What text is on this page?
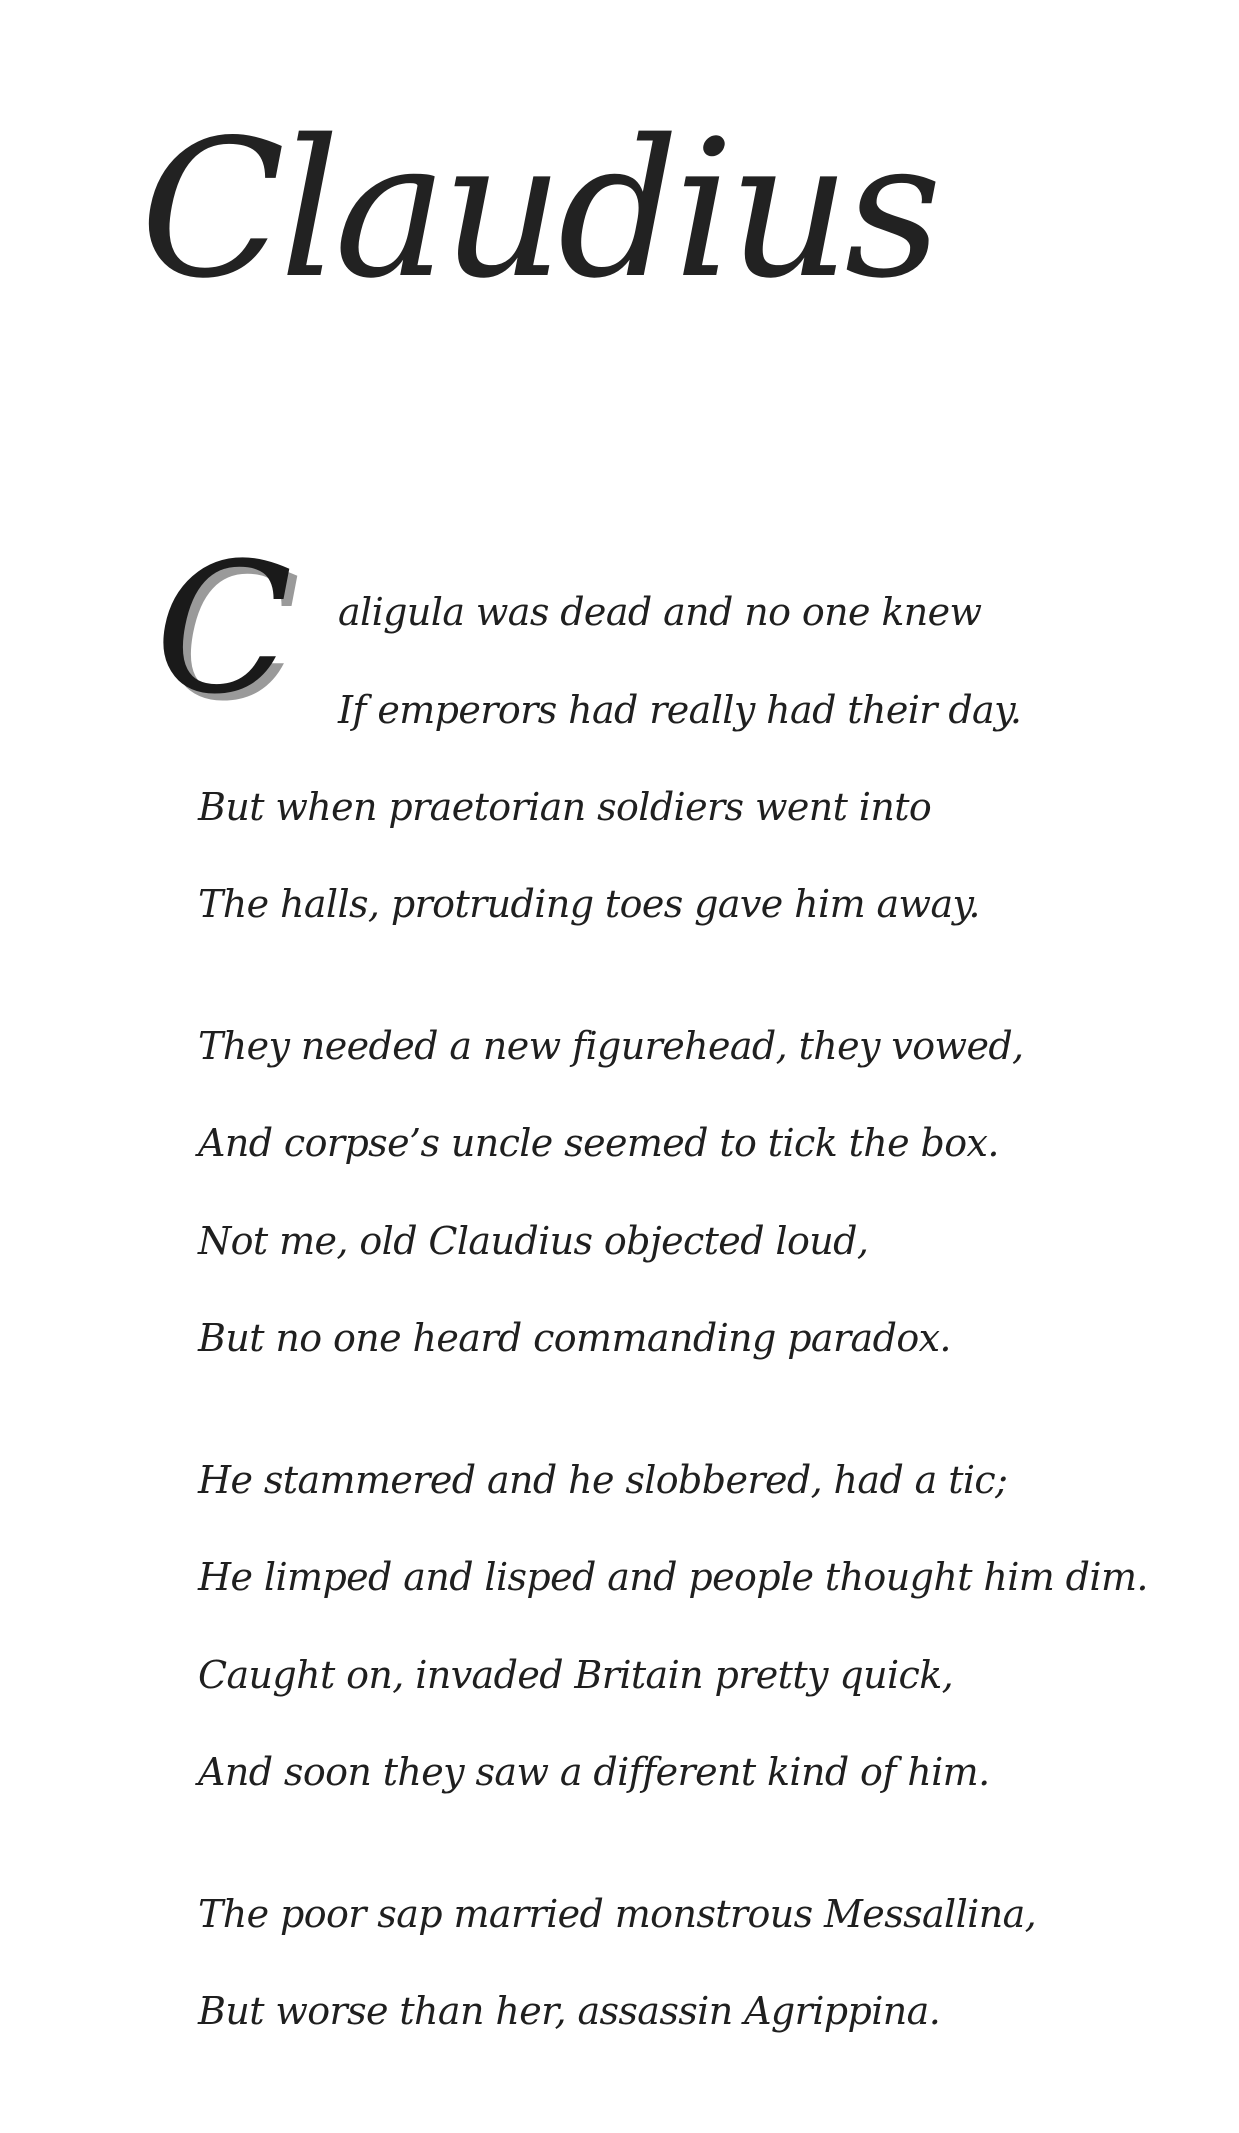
Claudius
C	aligula was dead and no one knew

If emperors had really had their day.

But when praetorian soldiers went into

The halls, protruding toes gave him away.

They needed a new figurehead, they vowed,

And corpse’s uncle seemed to tick the box.

Not me, old Claudius objected loud,

But no one heard commanding paradox.

He stammered and he slobbered, had a tic;

He limped and lisped and people thought him dim.

Caught on, invaded Britain pretty quick,

And soon they saw a different kind of him.

The poor sap married monstrous Messallina,

But worse than her, assassin Agrippina.
